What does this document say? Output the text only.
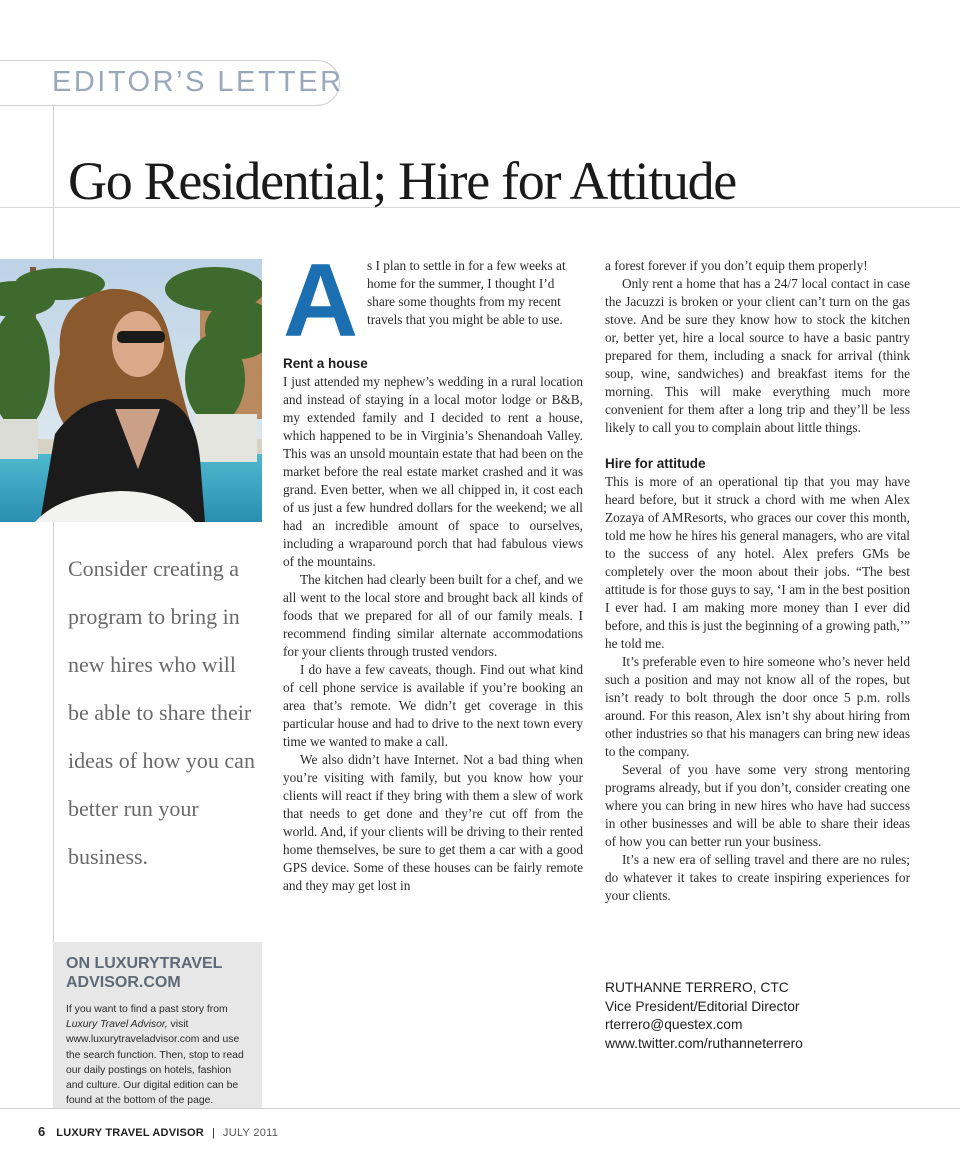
EDITOR’S LETTER
Go Residential; Hire for Attitude
Consider creating a program to bring in new hires who will be able to share their ideas of how you can better run your business.
ON LUXURYTRAVEL
ADVISOR.COM
If you want to find a past story from Luxury Travel Advisor, visit www.luxurytraveladvisor.com and use the search function. Then, stop to read our daily postings on hotels, fashion and culture. Our digital edition can be found at the bottom of the page.
A s I plan to settle in for a few weeks at home for the summer, I thought I’d share some thoughts from my recent travels that you might be able to use.

Rent a house

I just attended my nephew’s wedding in a rural location and instead of staying in a local motor lodge or B&B, my extended family and I decided to rent a house, which happened to be in Virginia’s Shenandoah Valley. This was an unsold mountain estate that had been on the market before the real estate market crashed and it was grand. Even better, when we all chipped in, it cost each of us just a few hundred dollars for the weekend; we all had an incredible amount of space to ourselves, including a wraparound porch that had fabulous views of the mountains.

The kitchen had clearly been built for a chef, and we all went to the local store and brought back all kinds of foods that we prepared for all of our family meals. I recommend finding similar alternate accommodations for your clients through trusted vendors.

I do have a few caveats, though. Find out what kind of cell phone service is available if you’re booking an area that’s remote. We didn’t get coverage in this particular house and had to drive to the next town every time we wanted to make a call.

We also didn’t have Internet. Not a bad thing when you’re visiting with family, but you know how your clients will react if they bring with them a slew of work that needs to get done and they’re cut off from the world. And, if your clients will be driving to their rented home themselves, be sure to get them a car with a good GPS device. Some of these houses can be fairly remote and they may get lost in

a forest forever if you don’t equip them properly!

Only rent a home that has a 24/7 local contact in case the Jacuzzi is broken or your client can’t turn on the gas stove. And be sure they know how to stock the kitchen or, better yet, hire a local source to have a basic pantry prepared for them, including a snack for arrival (think soup, wine, sandwiches) and breakfast items for the morning. This will make everything much more convenient for them after a long trip and they’ll be less likely to call you to complain about little things.

Hire for attitude

This is more of an operational tip that you may have heard before, but it struck a chord with me when Alex Zozaya of AMResorts, who graces our cover this month, told me how he hires his general managers, who are vital to the success of any hotel. Alex prefers GMs be completely over the moon about their jobs. “The best attitude is for those guys to say, ‘I am in the best position I ever had. I am making more money than I ever did before, and this is just the beginning of a growing path,’” he told me.

It’s preferable even to hire someone who’s never held such a position and may not know all of the ropes, but isn’t ready to bolt through the door once 5 p.m. rolls around. For this reason, Alex isn’t shy about hiring from other industries so that his managers can bring new ideas to the company.

Several of you have some very strong mentoring programs already, but if you don’t, consider creating one where you can bring in new hires who have had success in other businesses and will be able to share their ideas of how you can better run your business.

It’s a new era of selling travel and there are no rules; do whatever it takes to create inspiring experiences for your clients.

RUTHANNE TERRERO, CTC
Vice President/Editorial Director
rterrero@questex.com
www.twitter.com/ruthanneterrero
6 LUXURY TRAVEL ADVISOR | JULY 2011
